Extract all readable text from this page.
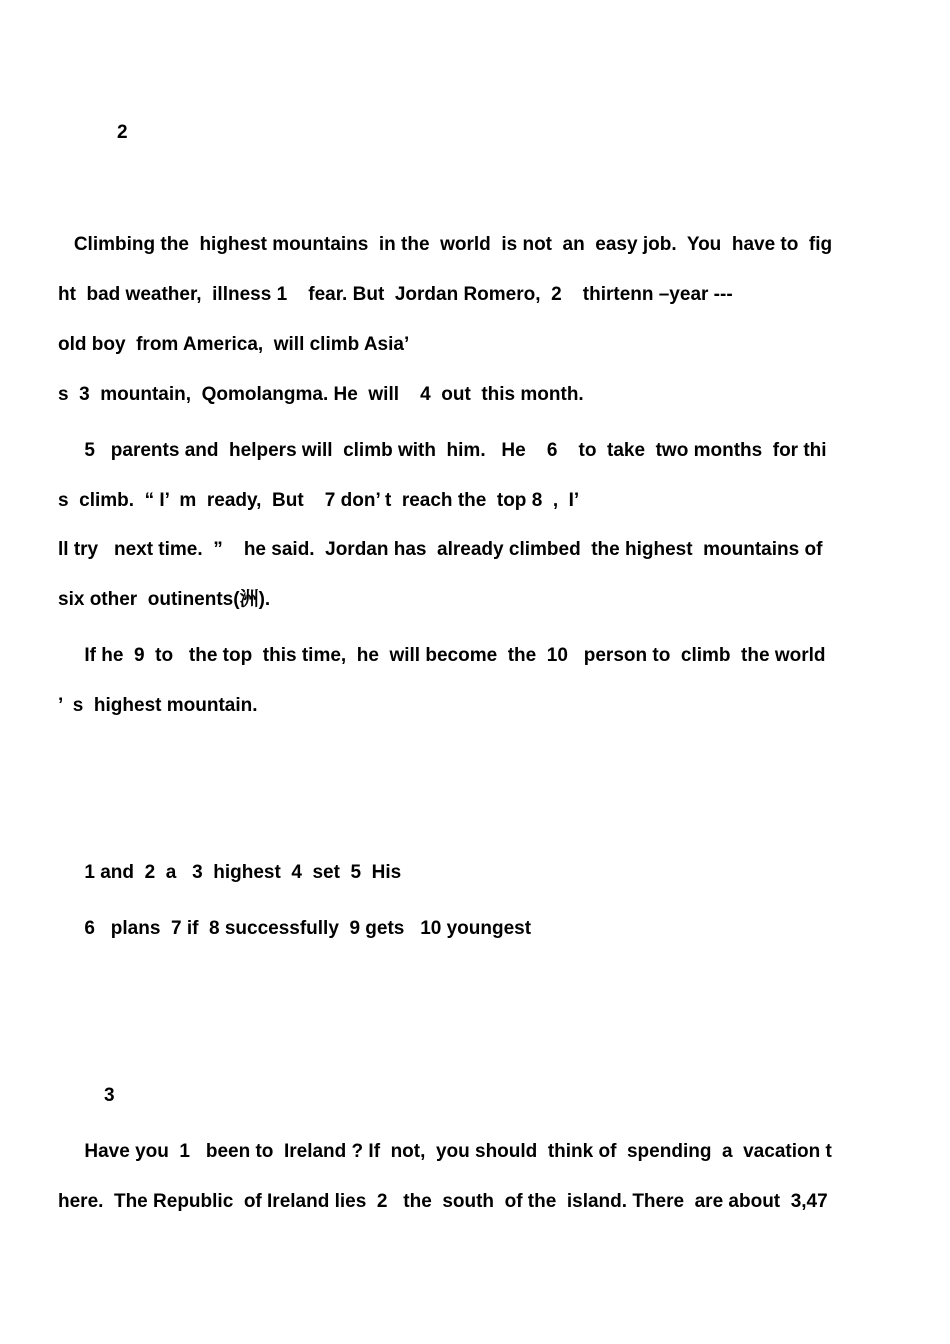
2
Climbing the  highest mountains  in the  world  is not  an  easy job.  You  have to  fig
ht  bad weather,  illness 1    fear. But  Jordan Romero,  2    thirtenn –year ---
old boy  from America,  will climb Asia’
s  3  mountain,  Qomolangma. He  will    4  out  this month.
5   parents and  helpers will  climb with  him.   He    6    to  take  two months  for thi
s  climb.  “ I’  m  ready,  But    7 don’ t  reach the  top 8  ,  I’
ll try   next time.  ”    he said.  Jordan has  already climbed  the highest  mountains of
six other  outinents(洲).
If he  9  to   the top  this time,  he  will become  the  10   person to  climb  the world
’  s  highest mountain.
1 and  2  a   3  highest  4  set  5  His
6   plans  7 if  8 successfully  9 gets   10 youngest
3
Have you  1   been to  Ireland ? If  not,  you should  think of  spending  a  vacation t
here.  The Republic  of Ireland lies  2   the  south  of the  island. There  are about  3,47
